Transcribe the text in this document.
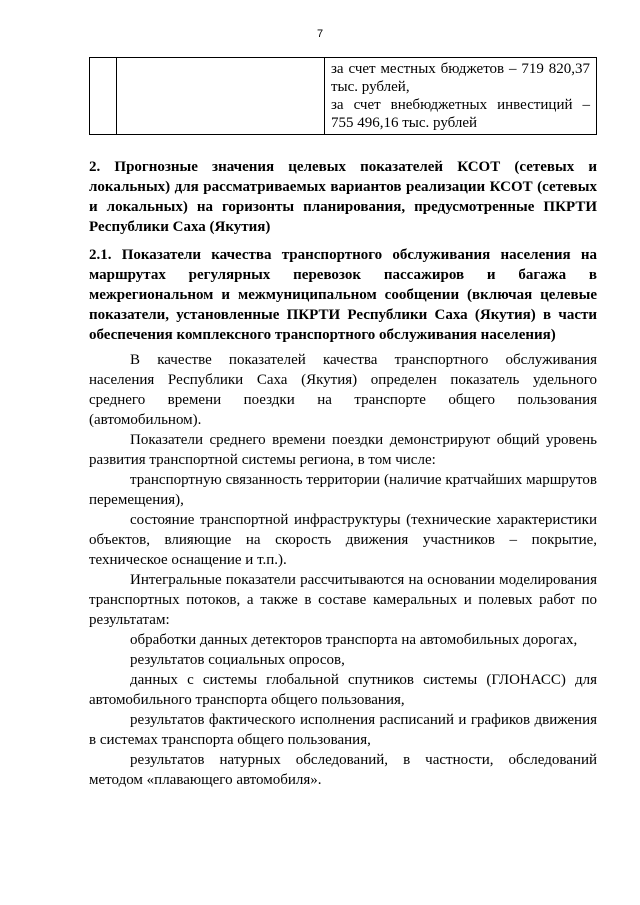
7

за счет местных бюджетов – 719 820,37 тыс. рублей,
за счет внебюджетных инвестиций – 755 496,16 тыс. рублей

2. Прогнозные значения целевых показателей КСОТ (сетевых и локальных) для рассматриваемых вариантов реализации КСОТ (сетевых и локальных) на горизонты планирования, предусмотренные ПКРТИ Республики Саха (Якутия)

2.1. Показатели качества транспортного обслуживания населения на маршрутах регулярных перевозок пассажиров и багажа в межрегиональном и межмуниципальном сообщении (включая целевые показатели, установленные ПКРТИ Республики Саха (Якутия) в части обеспечения комплексного транспортного обслуживания населения)

В качестве показателей качества транспортного обслуживания населения Республики Саха (Якутия) определен показатель удельного среднего времени поездки на транспорте общего пользования (автомобильном).

Показатели среднего времени поездки демонстрируют общий уровень развития транспортной системы региона, в том числе:

транспортную связанность территории (наличие кратчайших маршрутов перемещения),

состояние транспортной инфраструктуры (технические характеристики объектов, влияющие на скорость движения участников – покрытие, техническое оснащение и т.п.).

Интегральные показатели рассчитываются на основании моделирования транспортных потоков, а также в составе камеральных и полевых работ по результатам:

обработки данных детекторов транспорта на автомобильных дорогах,

результатов социальных опросов,

данных с системы глобальной спутников системы (ГЛОНАСС) для автомобильного транспорта общего пользования,

результатов фактического исполнения расписаний и графиков движения в системах транспорта общего пользования,

результатов натурных обследований, в частности, обследований методом «плавающего автомобиля».
